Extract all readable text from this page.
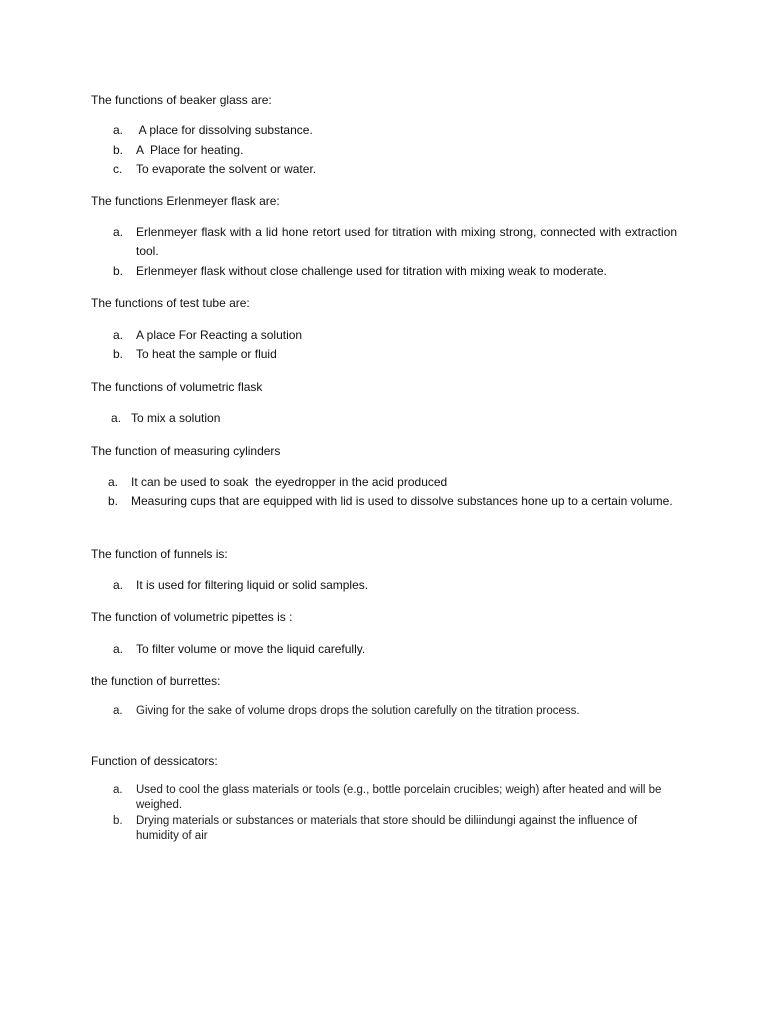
The functions of beaker glass are:
a. A place for dissolving substance.
b. A  Place for heating.
c. To evaporate the solvent or water.
The functions Erlenmeyer flask are:
a. Erlenmeyer flask with a lid hone retort used for titration with mixing strong, connected with extraction tool.
b. Erlenmeyer flask without close challenge used for titration with mixing weak to moderate.
The functions of test tube are:
a. A place For Reacting a solution
b. To heat the sample or fluid
The functions of volumetric flask
a. To mix a solution
The function of measuring cylinders
a. It can be used to soak  the eyedropper in the acid produced
b. Measuring cups that are equipped with lid is used to dissolve substances hone up to a certain volume.
The function of funnels is:
a. It is used for filtering liquid or solid samples.
The function of volumetric pipettes is :
a. To filter volume or move the liquid carefully.
the function of burrettes:
a. Giving for the sake of volume drops drops the solution carefully on the titration process.
Function of dessicators:
a. Used to cool the glass materials or tools (e.g., bottle porcelain crucibles; weigh) after heated and will be weighed.
b. Drying materials or substances or materials that store should be diliindungi against the influence of humidity of air
